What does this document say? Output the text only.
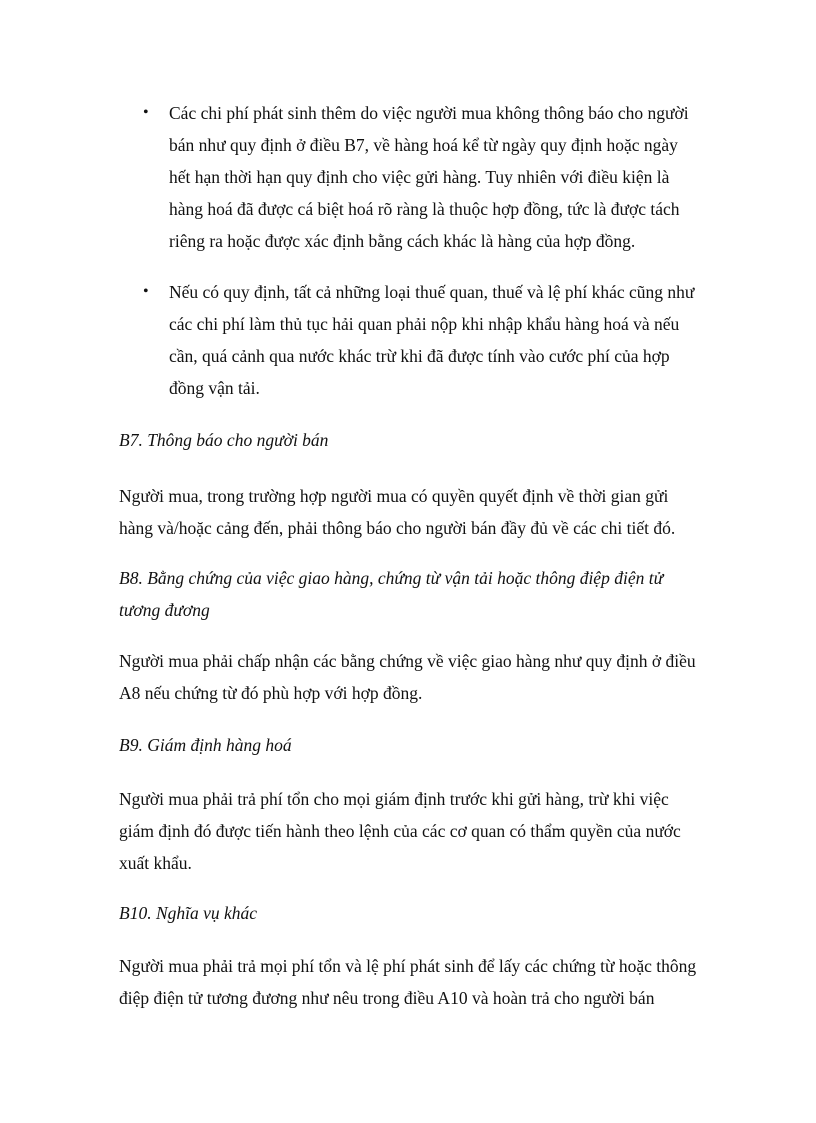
• Các chi phí phát sinh thêm do việc người mua không thông báo cho người
bán như quy định ở điều B7, về hàng hoá kể từ ngày quy định hoặc ngày
hết hạn thời hạn quy định cho việc gửi hàng. Tuy nhiên với điều kiện là
hàng hoá đã được cá biệt hoá rõ ràng là thuộc hợp đồng, tức là được tách
riêng ra hoặc được xác định bằng cách khác là hàng của hợp đồng.
• Nếu có quy định, tất cả những loại thuế quan, thuế và lệ phí khác cũng như
các chi phí làm thủ tục hải quan phải nộp khi nhập khẩu hàng hoá và nếu
cần, quá cảnh qua nước khác trừ khi đã được tính vào cước phí của hợp
đồng vận tải.

B7. Thông báo cho người bán

Người mua, trong trường hợp người mua có quyền quyết định về thời gian gửi
hàng và/hoặc cảng đến, phải thông báo cho người bán đầy đủ về các chi tiết đó.
B8. Bằng chứng của việc giao hàng, chứng từ vận tải hoặc thông điệp điện tử
tương đương
Người mua phải chấp nhận các bằng chứng về việc giao hàng như quy định ở điều
A8 nếu chứng từ đó phù hợp với hợp đồng.

B9. Giám định hàng hoá

Người mua phải trả phí tổn cho mọi giám định trước khi gửi hàng, trừ khi việc
giám định đó được tiến hành theo lệnh của các cơ quan có thẩm quyền của nước
xuất khẩu.

B10. Nghĩa vụ khác

Người mua phải trả mọi phí tổn và lệ phí phát sinh để lấy các chứng từ hoặc thông
điệp điện tử tương đương như nêu trong điều A10 và hoàn trả cho người bán
